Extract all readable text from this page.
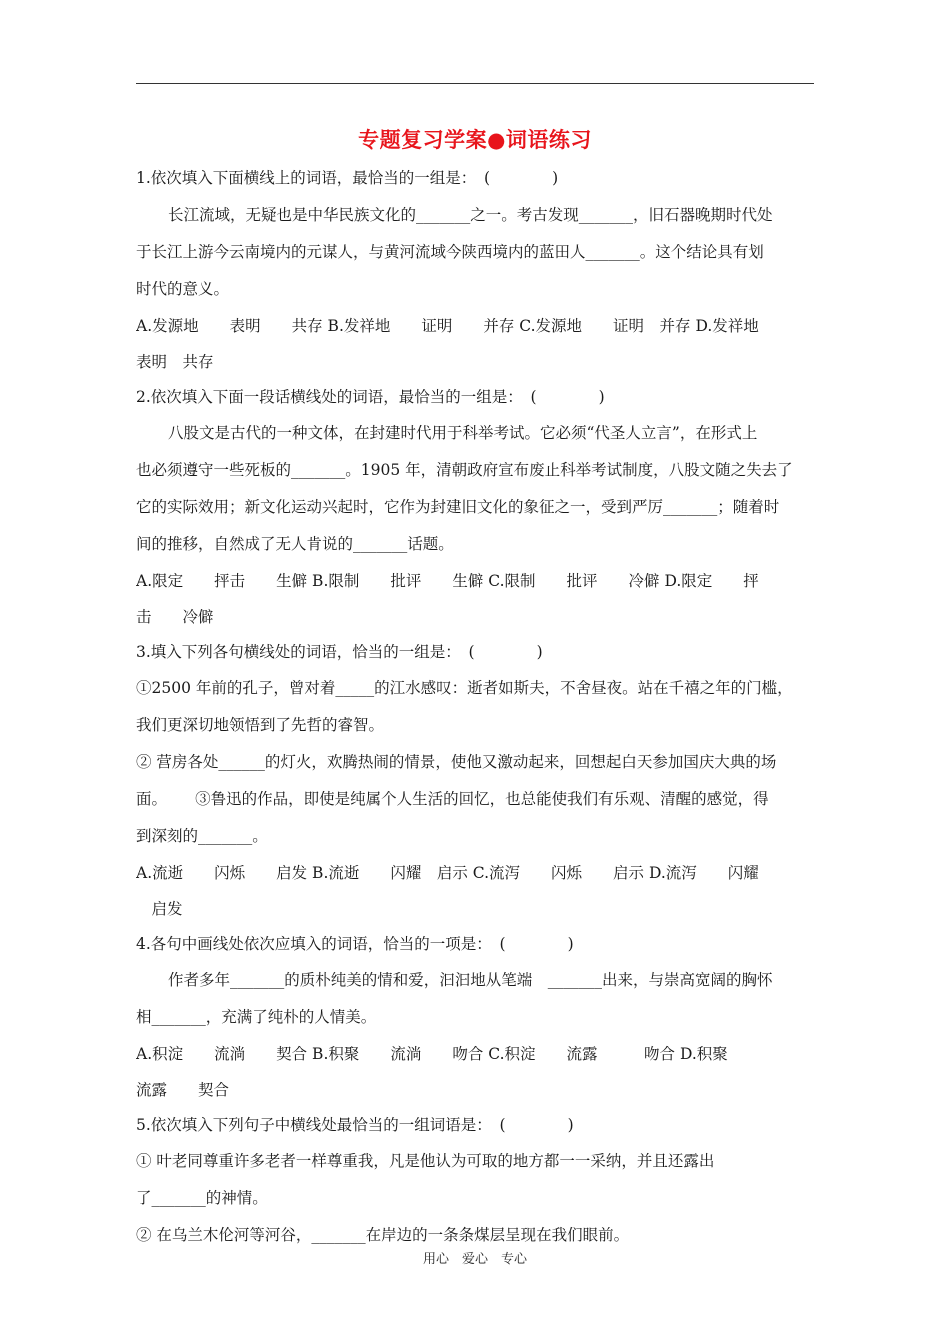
专题复习学案●词语练习
1.依次填入下面横线上的词语，最恰当的一组是：　(　　　　)
长江流域，无疑也是中华民族文化的_______之一。考古发现_______，旧石器晚期时代处
于长江上游今云南境内的元谋人，与黄河流域今陕西境内的蓝田人_______。这个结论具有划
时代的意义。
A.发源地　　表明　　共存 B.发祥地　　证明　　并存 C.发源地　　证明　并存 D.发祥地
表明　共存
2.依次填入下面一段话横线处的词语，最恰当的一组是：　(　　　　)
八股文是古代的一种文体，在封建时代用于科举考试。它必须“代圣人立言”，在形式上
也必须遵守一些死板的_______。1905 年，清朝政府宣布废止科举考试制度，八股文随之失去了
它的实际效用；新文化运动兴起时，它作为封建旧文化的象征之一，受到严厉_______；随着时
间的推移，自然成了无人肯说的_______话题。
A.限定　　抨击　　生僻 B.限制　　批评　　生僻 C.限制　　批评　　冷僻 D.限定　　抨
击　　冷僻
3.填入下列各句横线处的词语，恰当的一组是：　(　　　　)
①2500 年前的孔子，曾对着_____的江水感叹：逝者如斯夫，不舍昼夜。站在千禧之年的门槛，
我们更深切地领悟到了先哲的睿智。
② 营房各处______的灯火，欢腾热闹的情景，使他又激动起来，回想起白天参加国庆大典的场
面。　　 ③鲁迅的作品，即使是纯属个人生活的回忆，也总能使我们有乐观、清醒的感觉，得
到深刻的_______。
A.流逝　　闪烁　　启发 B.流逝　　闪耀　启示 C.流泻　　闪烁　　启示 D.流泻　　闪耀
　启发
4.各句中画线处依次应填入的词语，恰当的一项是：　(　　　　)
作者多年_______的质朴纯美的情和爱，汩汩地从笔端　_______出来，与崇高宽阔的胸怀
相_______，充满了纯朴的人情美。
A.积淀　　流淌　　契合 B.积聚　　流淌　　吻合 C.积淀　　流露　　　吻合 D.积聚
流露　　契合
5.依次填入下列句子中横线处最恰当的一组词语是：　(　　　　)
① 叶老同尊重许多老者一样尊重我，凡是他认为可取的地方都一一采纳，并且还露出
了_______的神情。
② 在乌兰木伦河等河谷，_______在岸边的一条条煤层呈现在我们眼前。
用心　爱心　专心
